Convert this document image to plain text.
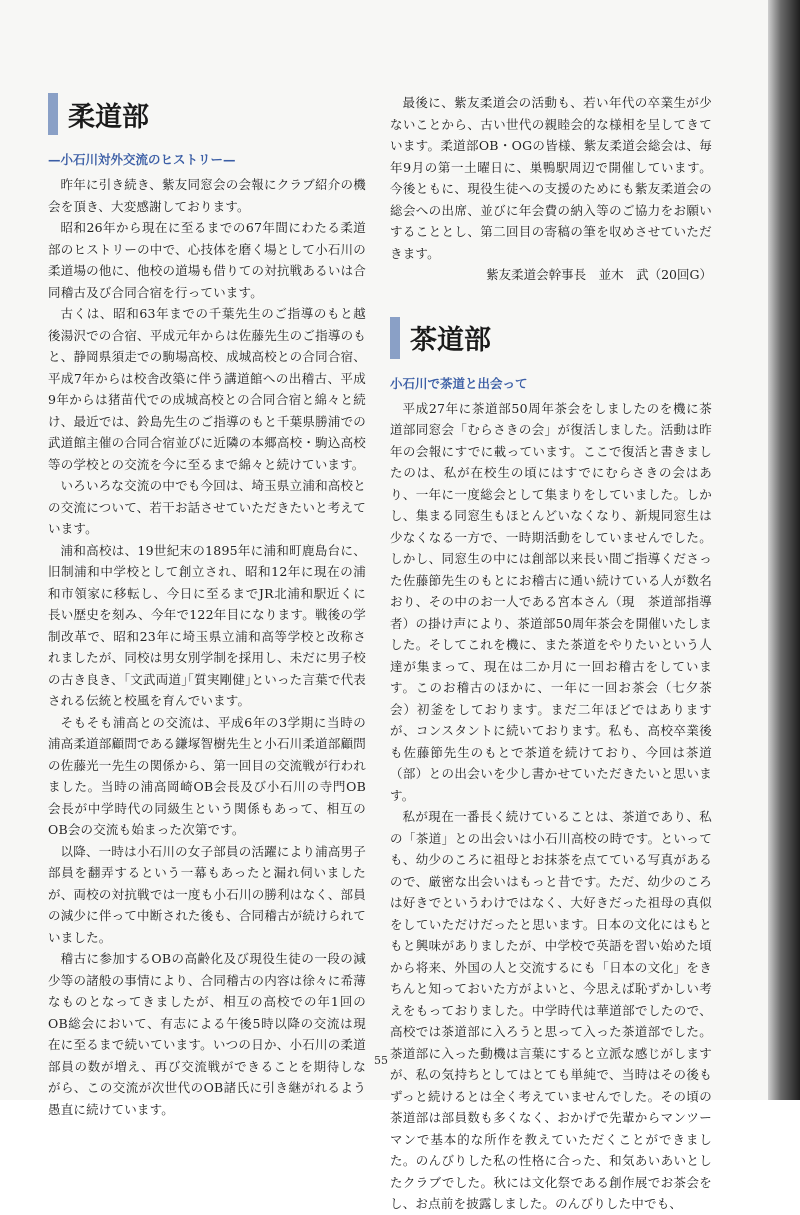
柔道部
—小石川対外交流のヒストリー—

昨年に引き続き、紫友同窓会の会報にクラブ紹介の機会を頂き、大変感謝しております。

昭和26年から現在に至るまでの67年間にわたる柔道部のヒストリーの中で、心技体を磨く場として小石川の柔道場の他に、他校の道場も借りての対抗戦あるいは合同稽古及び合同合宿を行っています。

古くは、昭和63年までの千葉先生のご指導のもと越後湯沢での合宿、平成元年からは佐藤先生のご指導のもと、静岡県須走での駒場高校、成城高校との合同合宿、平成7年からは校舎改築に伴う講道館への出稽古、平成9年からは猪苗代での成城高校との合同合宿と綿々と続け、最近では、鈴島先生のご指導のもと千葉県勝浦での武道館主催の合同合宿並びに近隣の本郷高校・駒込高校等の学校との交流を今に至るまで綿々と続けています。

いろいろな交流の中でも今回は、埼玉県立浦和高校との交流について、若干お話させていただきたいと考えています。

浦和高校は、19世紀末の1895年に浦和町鹿島台に、旧制浦和中学校として創立され、昭和12年に現在の浦和市領家に移転し、今日に至るまでJR北浦和駅近くに長い歴史を刻み、今年で122年目になります。戦後の学制改革で、昭和23年に埼玉県立浦和高等学校と改称されましたが、同校は男女別学制を採用し、未だに男子校の古き良き、｢文武両道｣｢質実剛健｣といった言葉で代表される伝統と校風を育んでいます。

そもそも浦高との交流は、平成6年の3学期に当時の浦高柔道部顧問である鎌塚智樹先生と小石川柔道部顧問の佐藤光一先生の関係から、第一回目の交流戦が行われました。当時の浦高岡崎OB会長及び小石川の寺門OB会長が中学時代の同級生という関係もあって、相互のOB会の交流も始まった次第です。

以降、一時は小石川の女子部員の活躍により浦高男子部員を翻弄するという一幕もあったと漏れ伺いましたが、両校の対抗戦では一度も小石川の勝利はなく、部員の減少に伴って中断された後も、合同稽古が続けられていました。

稽古に参加するOBの高齢化及び現役生徒の一段の減少等の諸般の事情により、合同稽古の内容は徐々に希薄なものとなってきましたが、相互の高校での年1回のOB総会において、有志による午後5時以降の交流は現在に至るまで続いています。いつの日か、小石川の柔道部員の数が増え、再び交流戦ができることを期待しながら、この交流が次世代のOB諸氏に引き継がれるよう愚直に続けています。

最後に、紫友柔道会の活動も、若い年代の卒業生が少ないことから、古い世代の親睦会的な様相を呈してきています。柔道部OB・OGの皆様、紫友柔道会総会は、毎年9月の第一土曜日に、巣鴨駅周辺で開催しています。今後ともに、現役生徒への支援のためにも紫友柔道会の総会への出席、並びに年会費の納入等のご協力をお願いすることとし、第二回目の寄稿の筆を収めさせていただきます。

紫友柔道会幹事長　並木　武（20回G）

茶道部
小石川で茶道と出会って

平成27年に茶道部50周年茶会をしましたのを機に茶道部同窓会「むらさきの会」が復活しました。活動は昨年の会報にすでに載っています。ここで復活と書きましたのは、私が在校生の頃にはすでにむらさきの会はあり、一年に一度総会として集まりをしていました。しかし、集まる同窓生もほとんどいなくなり、新規同窓生は少なくなる一方で、一時期活動をしていませんでした。しかし、同窓生の中には創部以来長い間ご指導くださった佐藤節先生のもとにお稽古に通い続けている人が数名おり、その中のお一人である宮本さん（現　茶道部指導者）の掛け声により、茶道部50周年茶会を開催いたしました。そしてこれを機に、また茶道をやりたいという人達が集まって、現在は二か月に一回お稽古をしています。このお稽古のほかに、一年に一回お茶会（七夕茶会）初釜をしております。まだ二年ほどではありますが、コンスタントに続いております。私も、高校卒業後も佐藤節先生のもとで茶道を続けており、今回は茶道（部）との出会いを少し書かせていただきたいと思います。

私が現在一番長く続けていることは、茶道であり、私の「茶道」との出会いは小石川高校の時です。といっても、幼少のころに祖母とお抹茶を点てている写真があるので、厳密な出会いはもっと昔です。ただ、幼少のころは好きでというわけではなく、大好きだった祖母の真似をしていただけだったと思います。日本の文化にはもともと興味がありましたが、中学校で英語を習い始めた頃から将来、外国の人と交流するにも「日本の文化」をきちんと知っておいた方がよいと、今思えば恥ずかしい考えをもっておりました。中学時代は華道部でしたので、高校では茶道部に入ろうと思って入った茶道部でした。茶道部に入った動機は言葉にすると立派な感じがしますが、私の気持ちとしてはとても単純で、当時はその後もずっと続けるとは全く考えていませんでした。その頃の茶道部は部員数も多くなく、おかげで先輩からマンツーマンで基本的な所作を教えていただくことができました。のんびりした私の性格に合った、和気あいあいとしたクラブでした。秋には文化祭である創作展でお茶会をし、お点前を披露しました。のんびりした中でも、

55
